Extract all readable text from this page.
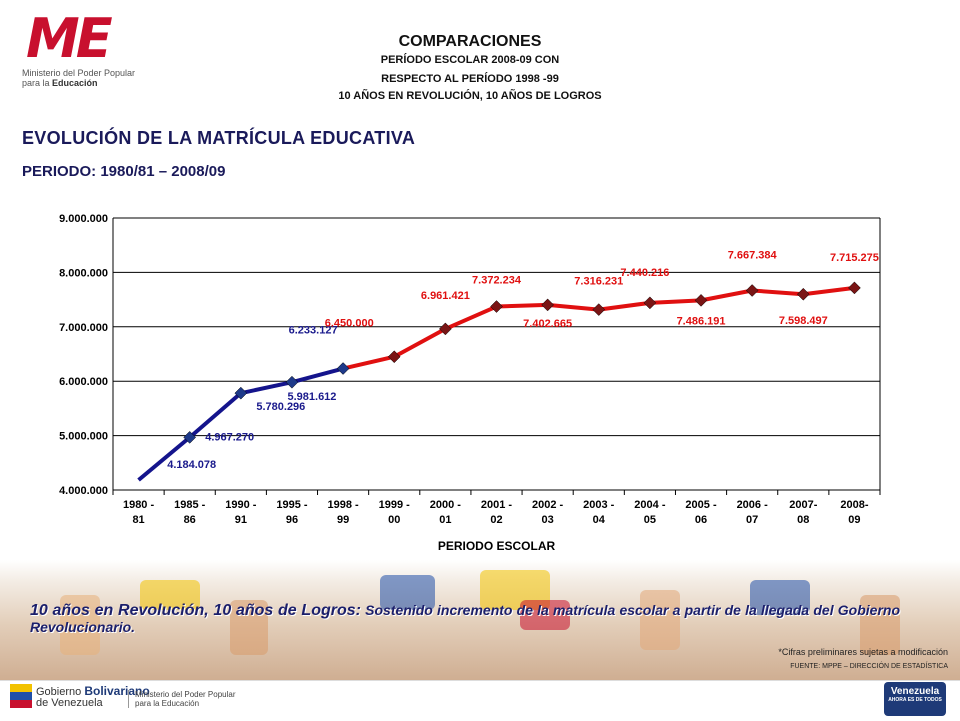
ME
Ministerio del Poder Popular
para la Educación
COMPARACIONES
PERÍODO ESCOLAR 2008-09 CON
RESPECTO AL PERÍODO 1998 -99
10 AÑOS EN REVOLUCIÓN, 10 AÑOS DE LOGROS
EVOLUCIÓN DE LA MATRÍCULA EDUCATIVA
PERIODO: 1980/81 – 2008/09
4.000.000
5.000.000
6.000.000
7.000.000
8.000.000
9.000.000
1980 -81
1985 -86
1990 -91
1995 -96
1998 -99
1999 -00
2000 -01
2001 -02
2002 -03
2003 -04
2004 -05
2005 -06
2006 -07
2007-08
2008-09
PERIODO ESCOLAR
4.184.078
4.967.270
5.780.296
5.981.612
6.233.127
6.450.000
6.961.421
7.372.234
7.402.665
7.316.231
7.440.216
7.486.191
7.667.384
7.598.497
7.715.275
10 años en Revolución, 10 años de Logros: Sostenido incremento de la matrícula escolar a partir de la llegada del Gobierno Revolucionario.
*Cifras preliminares sujetas a modificación
FUENTE: MPPE – DIRECCIÓN DE ESTADÍSTICA
Gobierno Bolivariano
de Venezuela
Ministerio del Poder Popular
para la Educación
Venezuela
AHORA ES DE TODOS
